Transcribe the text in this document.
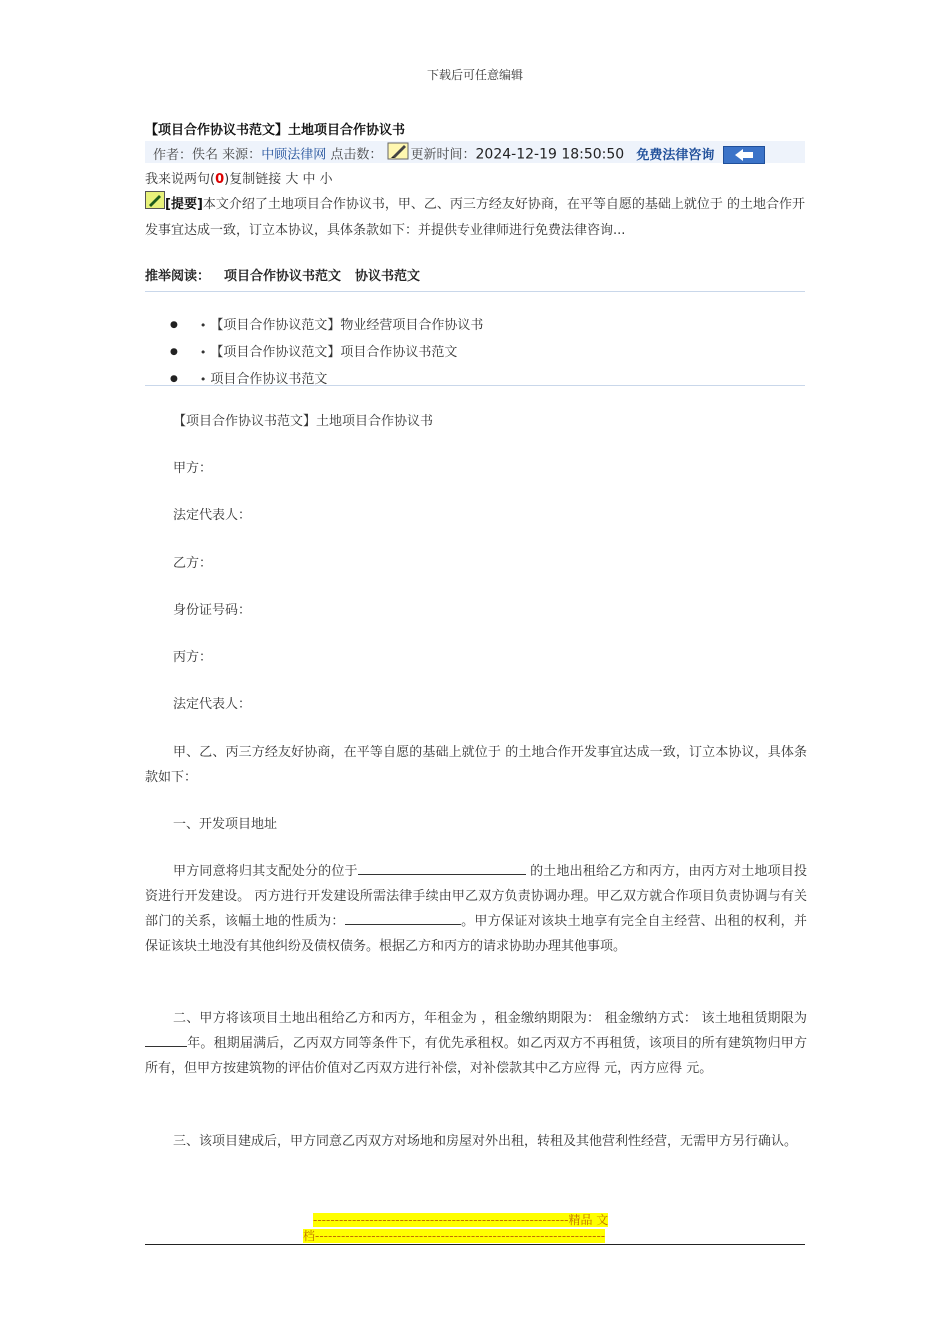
下载后可任意编辑
【项目合作协议书范文】土地项目合作协议书
作者：佚名 来源：中顾法律网 点击数： 更新时间：2024-12-19 18:50:50 免费法律咨询
我来说两句(0)复制链接 大 中 小
[提要]本文介绍了土地项目合作协议书，甲、乙、丙三方经友好协商，在平等自愿的基础上就位于 的土地合作开发事宜达成一致，订立本协议，具体条款如下：并提供专业律师进行免费法律咨询...
推举阅读： 项目合作协议书范文 协议书范文
● • 【项目合作协议范文】物业经营项目合作协议书
● • 【项目合作协议范文】项目合作协议书范文
● • 项目合作协议书范文
【项目合作协议书范文】土地项目合作协议书
甲方：
法定代表人：
乙方：
身份证号码：
丙方：
法定代表人：
甲、乙、丙三方经友好协商，在平等自愿的基础上就位于 的土地合作开发事宜达成一致，订立本协议，具体条款如下：
一、开发项目地址
甲方同意将归其支配处分的位于	的土地出租给乙方和丙方，由丙方对土地项目投资进行开发建设。 丙方进行开发建设所需法律手续由甲乙双方负责协调办理。甲乙双方就合作项目负责协调与有关部门的关系，该幅土地的性质为：	。甲方保证对该块土地享有完全自主经营、出租的权利，并保证该块土地没有其他纠纷及债权债务。根据乙方和丙方的请求协助办理其他事项。
二、甲方将该项目土地出租给乙方和丙方，年租金为 ，租金缴纳期限为： 租金缴纳方式： 该土地租赁期限为年。租期届满后，乙丙双方同等条件下，有优先承租权。如乙丙双方不再租赁，该项目的所有建筑物归甲方所有，但甲方按建筑物的评估价值对乙丙双方进行补偿，对补偿款其中乙方应得 元，丙方应得 元。
三、该项目建成后，甲方同意乙丙双方对场地和房屋对外出租，转租及其他营利性经营，无需甲方另行确认。
-----------------------------------------------------------精品 文
档-------------------------------------------------------------------
